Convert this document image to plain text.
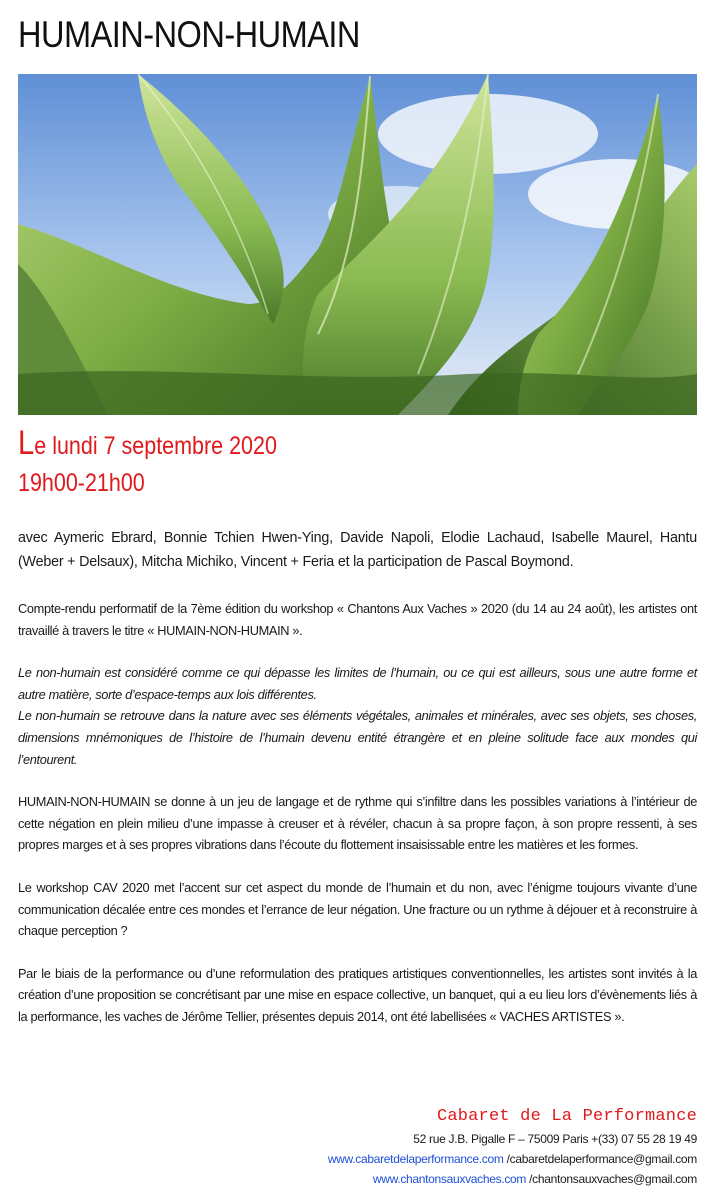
HUMAIN-NON-HUMAIN
Le lundi 7 septembre 2020
19h00-21h00

avec Aymeric Ebrard, Bonnie Tchien Hwen-Ying, Davide Napoli, Elodie Lachaud, Isabelle Maurel, Hantu (Weber + Delsaux), Mitcha Michiko, Vincent + Feria et la participation de Pascal Boymond.

Compte-rendu performatif de la 7ème édition du workshop « Chantons Aux Vaches » 2020 (du 14 au 24 août), les artistes ont travaillé à travers le titre « HUMAIN-NON-HUMAIN ».

Le non-humain est considéré comme ce qui dépasse les limites de l’humain, ou ce qui est ailleurs, sous une autre forme et autre matière, sorte d’espace-temps aux lois différentes.

Le non-humain se retrouve dans la nature avec ses éléments végétales, animales et minérales, avec ses objets, ses choses, dimensions mnémoniques de l’histoire de l’humain devenu entité étrangère et en pleine solitude face aux mondes qui l’entourent.

HUMAIN-NON-HUMAIN se donne à un jeu de langage et de rythme qui s’infiltre dans les possibles variations à l’intérieur de cette négation en plein milieu d’une impasse à creuser et à révéler, chacun à sa propre façon, à son propre ressenti, à ses propres marges et à ses propres vibrations dans l’écoute du flottement insaisissable entre les matières et les formes.

Le workshop CAV 2020 met l’accent sur cet aspect du monde de l’humain et du non, avec l’énigme toujours vivante d’une communication décalée entre ces mondes et l’errance de leur négation. Une fracture ou un rythme à déjouer et à reconstruire à chaque perception ?

Par le biais de la performance ou d’une reformulation des pratiques artistiques conventionnelles, les artistes sont invités à la création d’une proposition se concrétisant par une mise en espace collective, un banquet, qui a eu lieu lors d’évènements liés à la performance, les vaches de Jérôme Tellier, présentes depuis 2014, ont été labellisées « VACHES ARTISTES ».

Cabaret de La Performance
52 rue J.B. Pigalle F – 75009 Paris +(33) 07 55 28 19 49
www.cabaretdelaperformance.com /cabaretdelaperformance@gmail.com
www.chantonsauxvaches.com /chantonsauxvaches@gmail.com
